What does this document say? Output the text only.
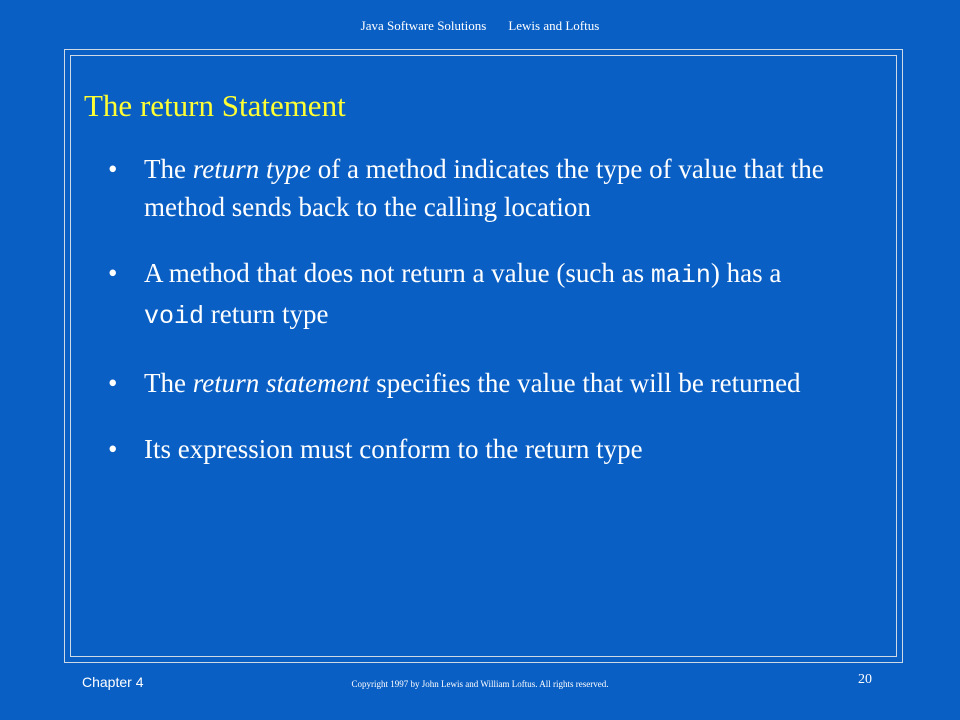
Java Software Solutions Lewis and Loftus
The return Statement
• The return type of a method indicates the type of value that the method sends back to the calling location
• A method that does not return a value (such as main) has a void return type
• The return statement specifies the value that will be returned
• Its expression must conform to the return type
Chapter 4	Copyright 1997 by John Lewis and William Loftus. All rights reserved.	20
